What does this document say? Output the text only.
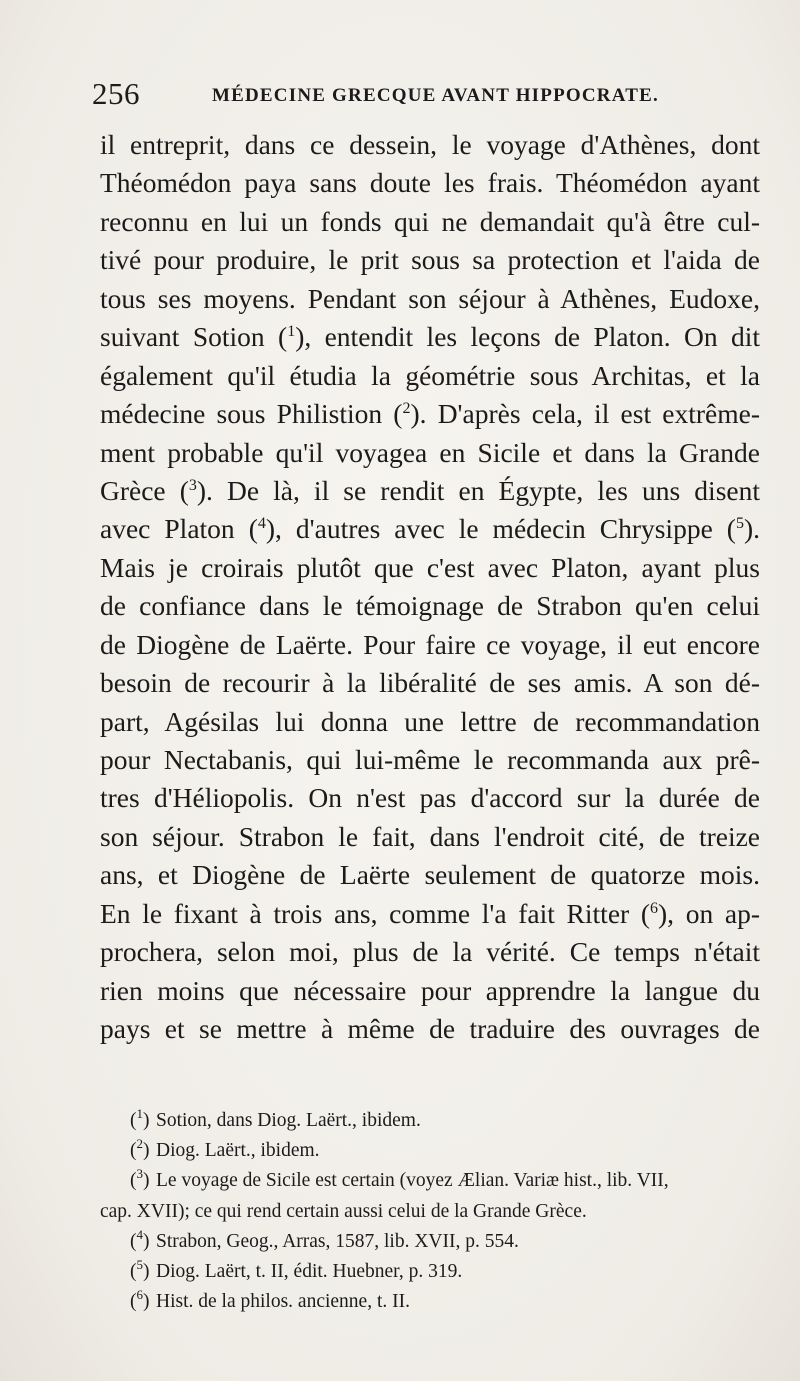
256	MÉDECINE GRECQUE AVANT HIPPOCRATE.
il entreprit, dans ce dessein, le voyage d'Athènes, dont
Théomédon paya sans doute les frais. Théomédon ayant
reconnu en lui un fonds qui ne demandait qu'à être cul-
tivé pour produire, le prit sous sa protection et l'aida de
tous ses moyens. Pendant son séjour à Athènes, Eudoxe,
suivant Sotion ($^1$), entendit les leçons de Platon. On dit
également qu'il étudia la géométrie sous Architas, et la
médecine sous Philistion ($^2$). D'après cela, il est extrême-
ment probable qu'il voyagea en Sicile et dans la Grande
Grèce ($^3$). De là, il se rendit en Égypte, les uns disent
avec Platon ($^4$), d'autres avec le médecin Chrysippe ($^5$).
Mais je croirais plutôt que c'est avec Platon, ayant plus
de confiance dans le témoignage de Strabon qu'en celui
de Diogène de Laërte. Pour faire ce voyage, il eut encore
besoin de recourir à la libéralité de ses amis. A son dé-
part, Agésilas lui donna une lettre de recommandation
pour Nectabanis, qui lui-même le recommanda aux prê-
tres d'Héliopolis. On n'est pas d'accord sur la durée de
son séjour. Strabon le fait, dans l'endroit cité, de treize
ans, et Diogène de Laërte seulement de quatorze mois.
En le fixant à trois ans, comme l'a fait Ritter ($^6$), on ap-
prochera, selon moi, plus de la vérité. Ce temps n'était
rien moins que nécessaire pour apprendre la langue du
pays et se mettre à même de traduire des ouvrages de
($^1$) Sotion, dans Diog. Laërt., ibidem.
($^2$) Diog. Laërt., ibidem.
($^3$) Le voyage de Sicile est certain (voyez Ælian. Variæ hist., lib. VII,
cap. XVII); ce qui rend certain aussi celui de la Grande Grèce.
($^4$) Strabon, Geog., Arras, 1587, lib. XVII, p. 554.
($^5$) Diog. Laërt, t. II, édit. Huebner, p. 319.
($^6$) Hist. de la philos. ancienne, t. II.
